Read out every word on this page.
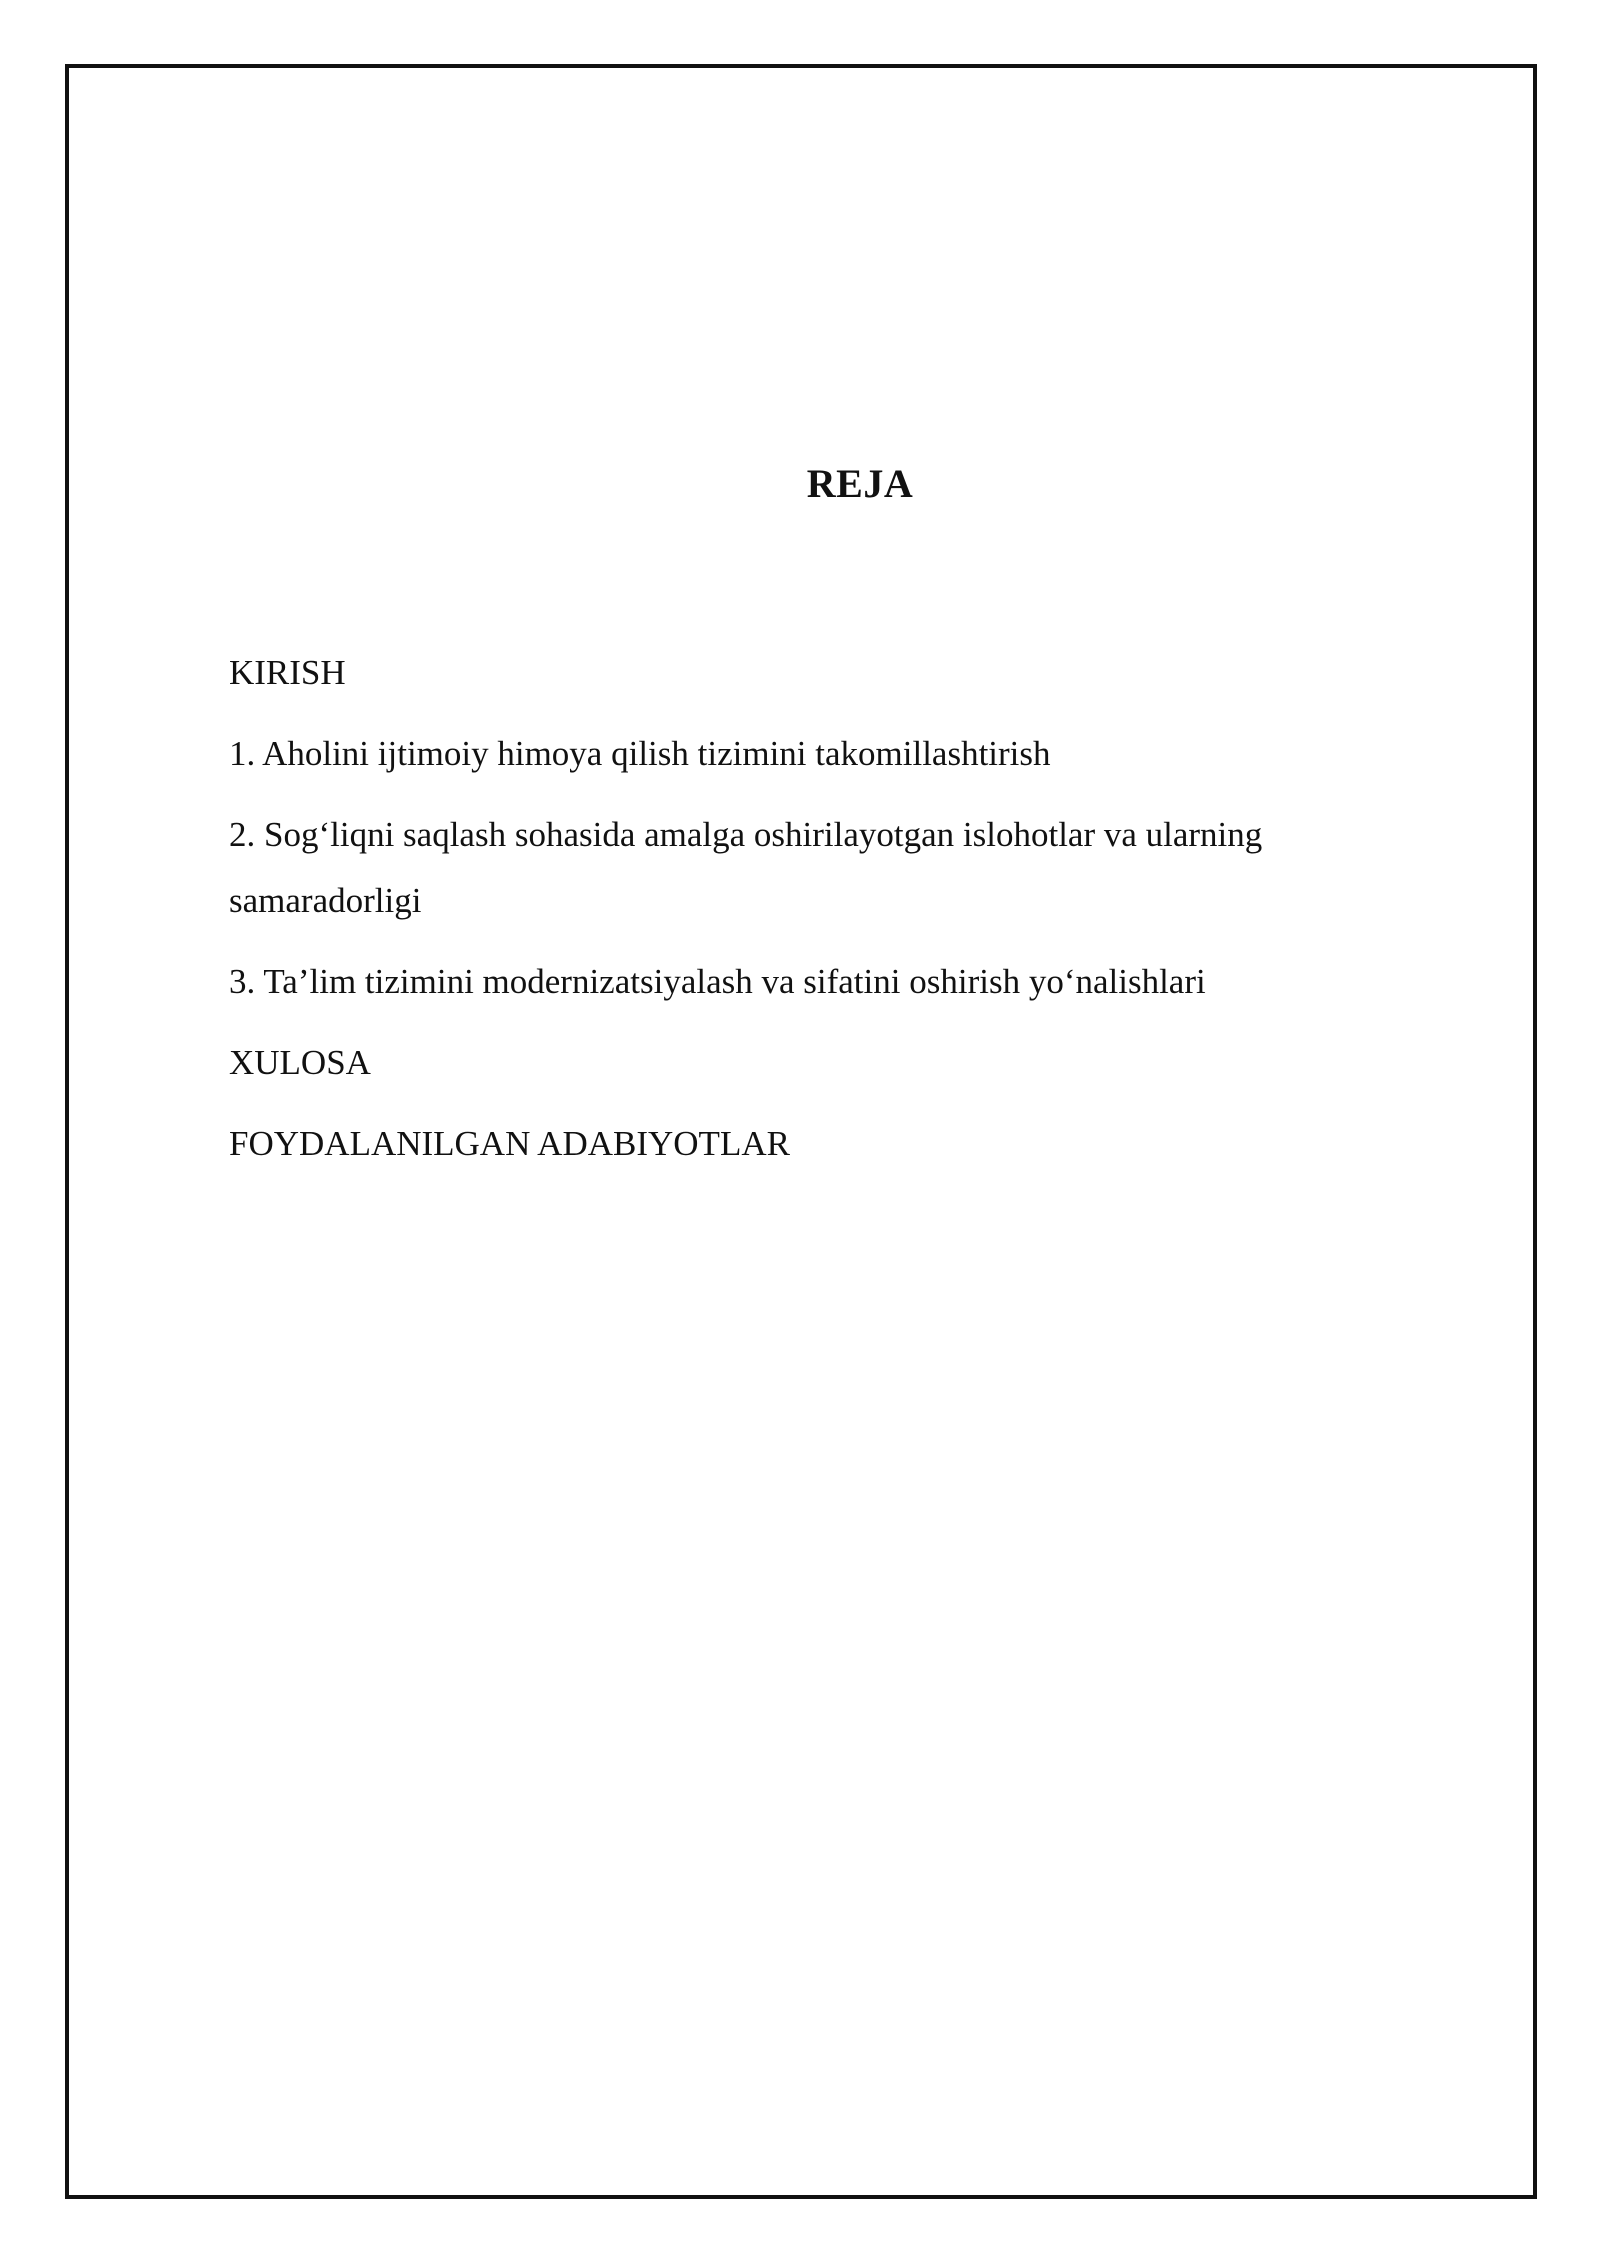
REJA
KIRISH
1. Aholini ijtimoiy himoya qilish tizimini takomillashtirish
2. Sog‘liqni saqlash sohasida amalga oshirilayotgan islohotlar va ularning samaradorligi
3. Ta’lim tizimini modernizatsiyalash va sifatini oshirish yo‘nalishlari
XULOSA
FOYDALANILGAN ADABIYOTLAR
